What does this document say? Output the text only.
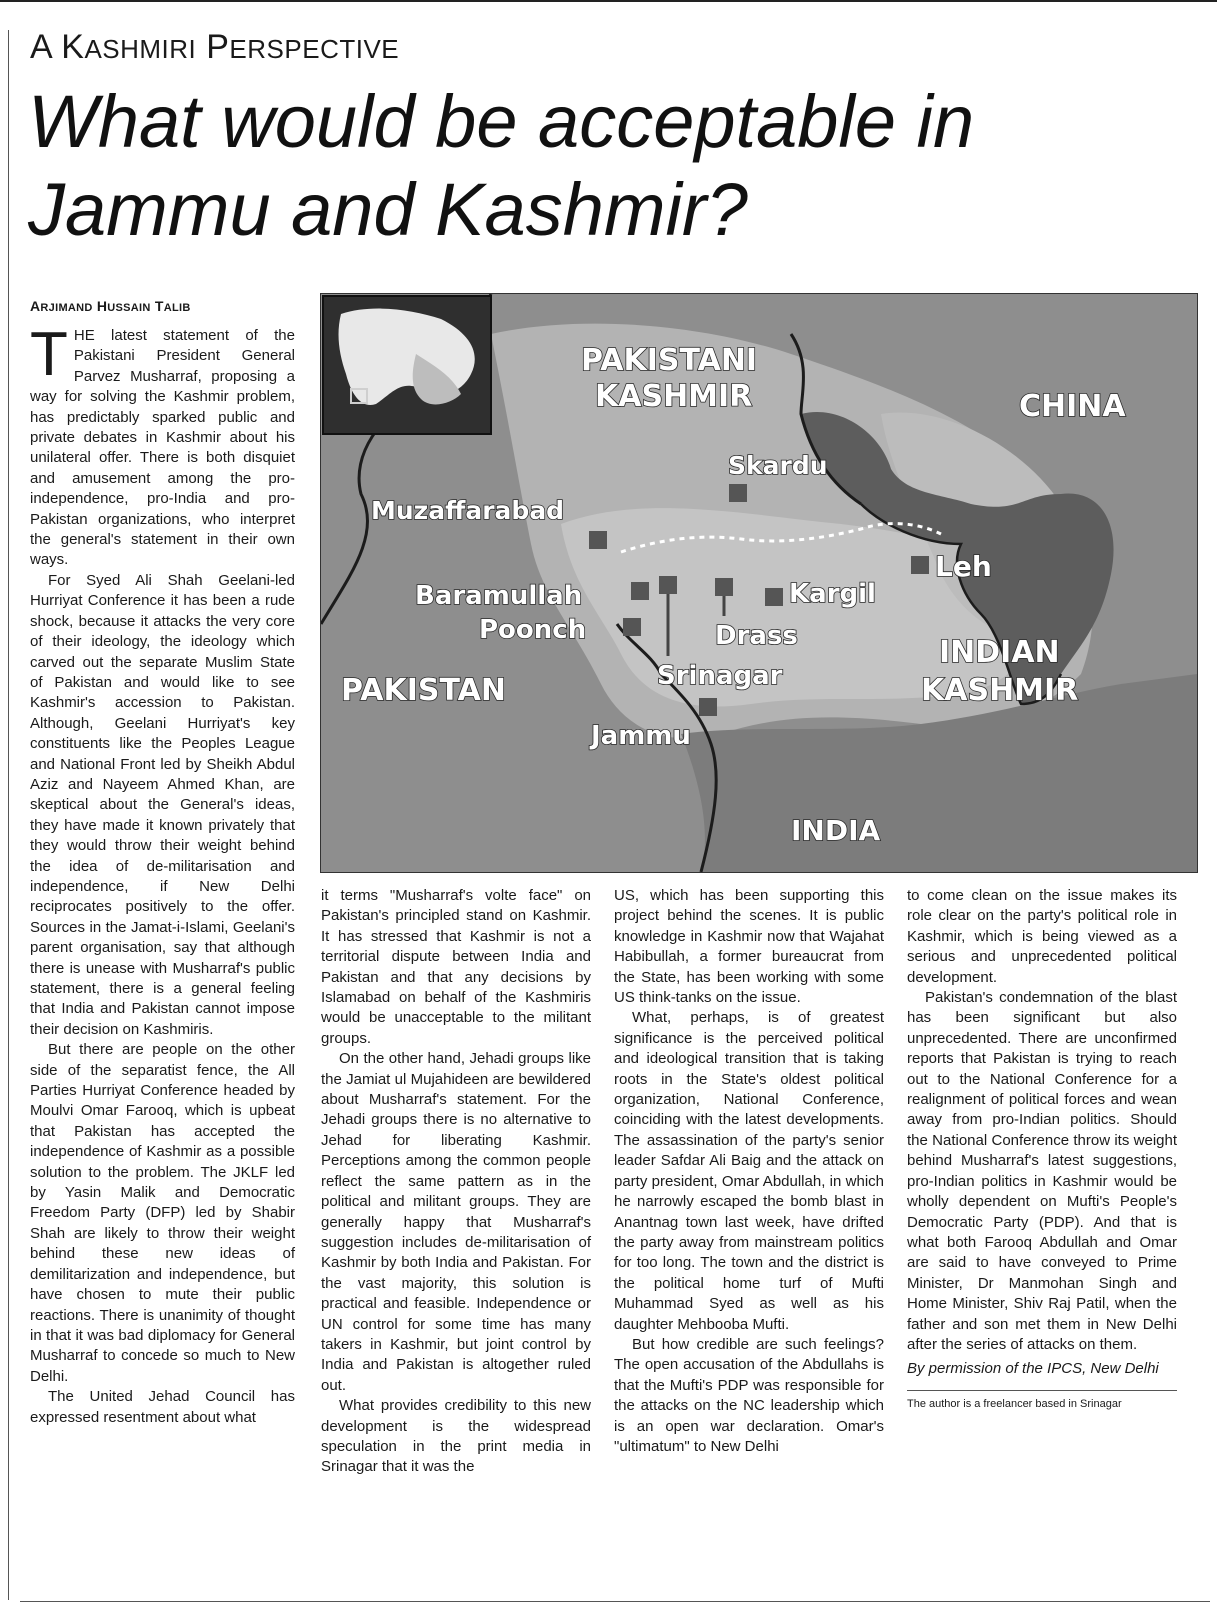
A KASHMIRI PERSPECTIVE
What would be acceptable in Jammu and Kashmir?
ARJIMAND HUSSAIN TALIB
PAKISTANI
KASHMIR	CHINA
Skardu
Muzaffarabad
Leh
Baramullah	Kargil
Poonch	Drass	INDIAN
KASHMIR
PAKISTAN	Srinagar
Jammu
INDIA

THE latest statement of the Pakistani President General Parvez Musharraf, proposing a way for solving the Kashmir problem, has predictably sparked public and private debates in Kashmir about his unilateral offer. There is both disquiet and amusement among the pro-independence, pro-India and pro-Pakistan organizations, who interpret the general's statement in their own ways.

For Syed Ali Shah Geelani-led Hurriyat Conference it has been a rude shock, because it attacks the very core of their ideology, the ideology which carved out the separate Muslim State of Pakistan and would like to see Kashmir's accession to Pakistan. Although, Geelani Hurriyat's key constituents like the Peoples League and National Front led by Sheikh Abdul Aziz and Nayeem Ahmed Khan, are skeptical about the General's ideas, they have made it known privately that they would throw their weight behind the idea of de-militarisation and independence, if New Delhi reciprocates positively to the offer. Sources in the Jamat-i-Islami, Geelani's parent organisation, say that although there is unease with Musharraf's public statement, there is a general feeling that India and Pakistan cannot impose their decision on Kashmiris.

But there are people on the other side of the separatist fence, the All Parties Hurriyat Conference headed by Moulvi Omar Farooq, which is upbeat that Pakistan has accepted the independence of Kashmir as a possible solution to the problem. The JKLF led by Yasin Malik and Democratic Freedom Party (DFP) led by Shabir Shah are likely to throw their weight behind these new ideas of demilitarization and independence, but have chosen to mute their public reactions. There is unanimity of thought in that it was bad diplomacy for General Musharraf to concede so much to New Delhi.

The United Jehad Council has expressed resentment about what

it terms "Musharraf's volte face" on Pakistan's principled stand on Kashmir. It has stressed that Kashmir is not a territorial dispute between India and Pakistan and that any decisions by Islamabad on behalf of the Kashmiris would be unacceptable to the militant groups.

On the other hand, Jehadi groups like the Jamiat ul Mujahideen are bewildered about Musharraf's statement. For the Jehadi groups there is no alternative to Jehad for liberating Kashmir. Perceptions among the common people reflect the same pattern as in the political and militant groups. They are generally happy that Musharraf's suggestion includes de-militarisation of Kashmir by both India and Pakistan. For the vast majority, this solution is practical and feasible. Independence or UN control for some time has many takers in Kashmir, but joint control by India and Pakistan is altogether ruled out.

What provides credibility to this new development is the widespread speculation in the print media in Srinagar that it was the

US, which has been supporting this project behind the scenes. It is public knowledge in Kashmir now that Wajahat Habibullah, a former bureaucrat from the State, has been working with some US think-tanks on the issue.

What, perhaps, is of greatest significance is the perceived political and ideological transition that is taking roots in the State's oldest political organization, National Conference, coinciding with the latest developments. The assassination of the party's senior leader Safdar Ali Baig and the attack on party president, Omar Abdullah, in which he narrowly escaped the bomb blast in Anantnag town last week, have drifted the party away from mainstream politics for too long. The town and the district is the political home turf of Mufti Muhammad Syed as well as his daughter Mehbooba Mufti.

But how credible are such feelings? The open accusation of the Abdullahs is that the Mufti's PDP was responsible for the attacks on the NC leadership which is an open war declaration. Omar's "ultimatum" to New Delhi

to come clean on the issue makes its role clear on the party's political role in Kashmir, which is being viewed as a serious and unprecedented political development.

Pakistan's condemnation of the blast has been significant but also unprecedented. There are unconfirmed reports that Pakistan is trying to reach out to the National Conference for a realignment of political forces and wean away from pro-Indian politics. Should the National Conference throw its weight behind Musharraf's latest suggestions, pro-Indian politics in Kashmir would be wholly dependent on Mufti's People's Democratic Party (PDP). And that is what both Farooq Abdullah and Omar are said to have conveyed to Prime Minister, Dr Manmohan Singh and Home Minister, Shiv Raj Patil, when the father and son met them in New Delhi after the series of attacks on them.

By permission of the IPCS, New Delhi

The author is a freelancer based in Srinagar
